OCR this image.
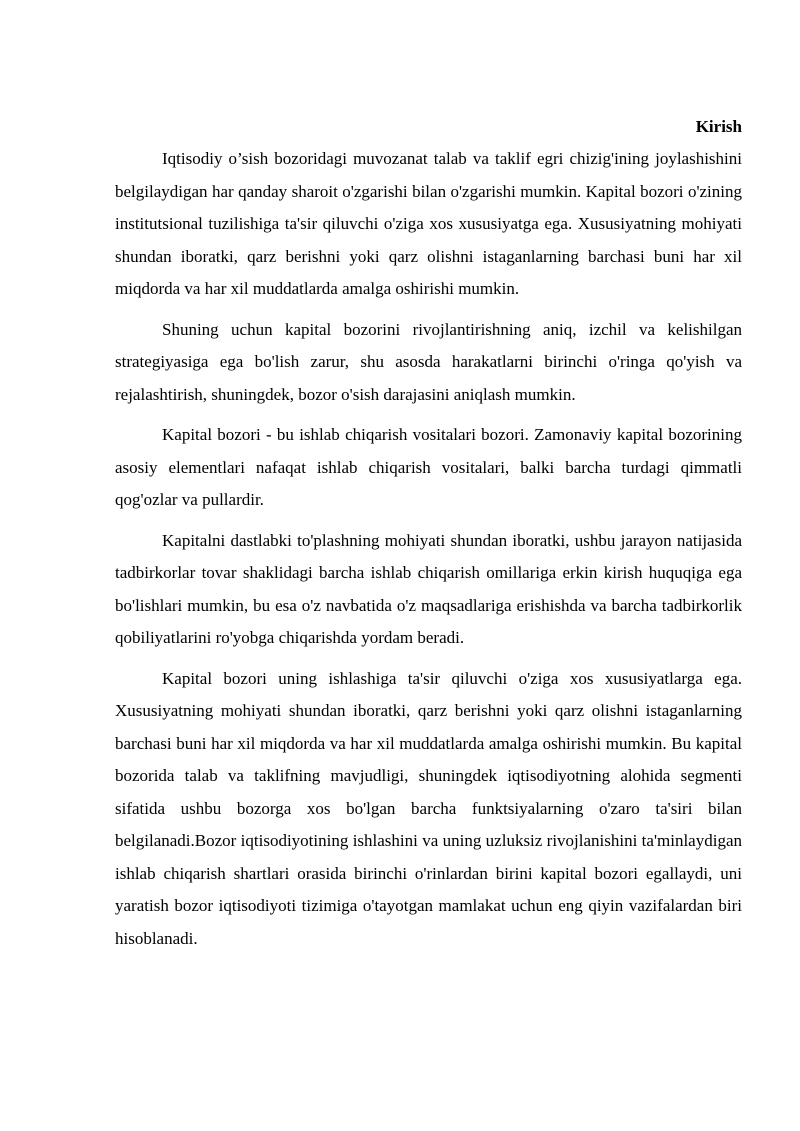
Kirish

Iqtisodiy o’sish bozoridagi muvozanat talab va taklif egri chizig'ining joylashishini belgilaydigan har qanday sharoit o'zgarishi bilan o'zgarishi mumkin. Kapital bozori o'zining institutsional tuzilishiga ta'sir qiluvchi o'ziga xos xususiyatga ega. Xususiyatning mohiyati shundan iboratki, qarz berishni yoki qarz olishni istaganlarning barchasi buni har xil miqdorda va har xil muddatlarda amalga oshirishi mumkin.

Shuning uchun kapital bozorini rivojlantirishning aniq, izchil va kelishilgan strategiyasiga ega bo'lish zarur, shu asosda harakatlarni birinchi o'ringa qo'yish va rejalashtirish, shuningdek, bozor o'sish darajasini aniqlash mumkin.

Kapital bozori - bu ishlab chiqarish vositalari bozori. Zamonaviy kapital bozorining asosiy elementlari nafaqat ishlab chiqarish vositalari, balki barcha turdagi qimmatli qog'ozlar va pullardir.

Kapitalni dastlabki to'plashning mohiyati shundan iboratki, ushbu jarayon natijasida tadbirkorlar tovar shaklidagi barcha ishlab chiqarish omillariga erkin kirish huquqiga ega bo'lishlari mumkin, bu esa o'z navbatida o'z maqsadlariga erishishda va barcha tadbirkorlik qobiliyatlarini ro'yobga chiqarishda yordam beradi.

Kapital bozori uning ishlashiga ta'sir qiluvchi o'ziga xos xususiyatlarga ega. Xususiyatning mohiyati shundan iboratki, qarz berishni yoki qarz olishni istaganlarning barchasi buni har xil miqdorda va har xil muddatlarda amalga oshirishi mumkin. Bu kapital bozorida talab va taklifning mavjudligi, shuningdek iqtisodiyotning alohida segmenti sifatida ushbu bozorga xos bo'lgan barcha funktsiyalarning o'zaro ta'siri bilan belgilanadi.Bozor iqtisodiyotining ishlashini va uning uzluksiz rivojlanishini ta'minlaydigan ishlab chiqarish shartlari orasida birinchi o'rinlardan birini kapital bozori egallaydi, uni yaratish bozor iqtisodiyoti tizimiga o'tayotgan mamlakat uchun eng qiyin vazifalardan biri hisoblanadi.
